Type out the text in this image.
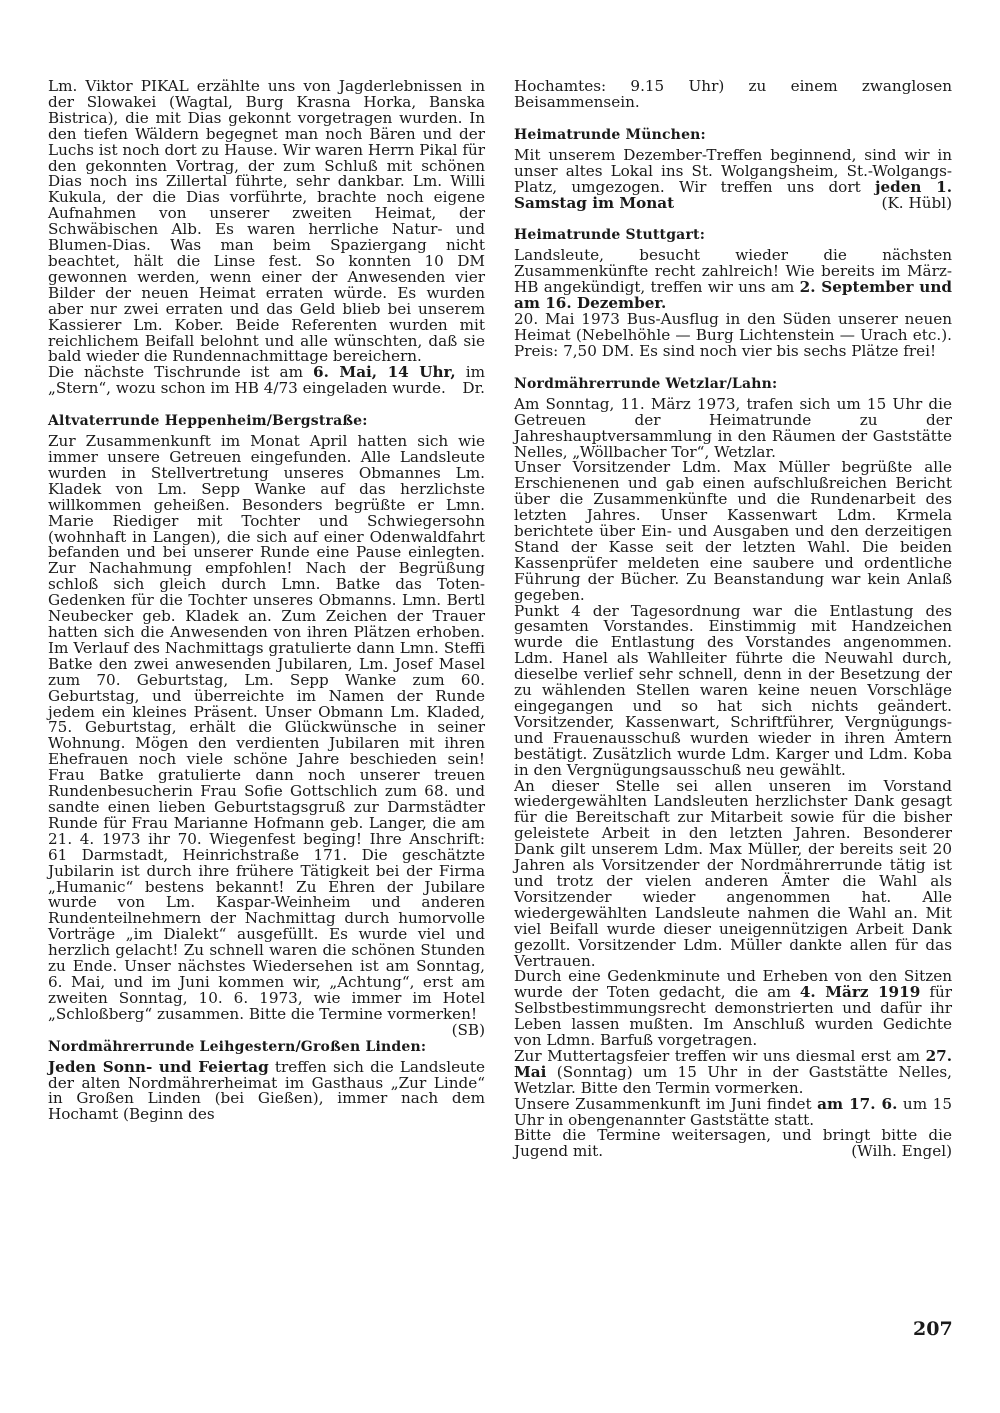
Lm. Viktor PIKAL erzählte uns von Jagderlebnissen in der Slowakei (Wagtal, Burg Krasna Horka, Banska Bistrica), die mit Dias gekonnt vorgetragen wurden. In den tiefen Wäldern begegnet man noch Bären und der Luchs ist noch dort zu Hause. Wir waren Herrn Pikal für den gekonnten Vortrag, der zum Schluß mit schönen Dias noch ins Zillertal führte, sehr dankbar. Lm. Willi Kukula, der die Dias vorführte, brachte noch eigene Aufnahmen von unserer zweiten Heimat, der Schwäbischen Alb. Es waren herrliche Natur- und Blumen-Dias. Was man beim Spaziergang nicht beachtet, hält die Linse fest. So konnten 10 DM gewonnen werden, wenn einer der Anwesenden vier Bilder der neuen Heimat erraten würde. Es wurden aber nur zwei erraten und das Geld blieb bei unserem Kassierer Lm. Kober. Beide Referenten wurden mit reichlichem Beifall belohnt und alle wünschten, daß sie bald wieder die Rundennachmittage bereichern.

Die nächste Tischrunde ist am 6. Mai, 14 Uhr, im „Stern“, wozu schon im HB 4/73 eingeladen wurde. Dr.

Altvaterrunde Heppenheim/Bergstraße:

Zur Zusammenkunft im Monat April hatten sich wie immer unsere Getreuen eingefunden. Alle Landsleute wurden in Stellvertretung unseres Obmannes Lm. Kladek von Lm. Sepp Wanke auf das herzlichste willkommen geheißen. Besonders begrüßte er Lmn. Marie Riediger mit Tochter und Schwiegersohn (wohnhaft in Langen), die sich auf einer Odenwaldfahrt befanden und bei unserer Runde eine Pause einlegten. Zur Nachahmung empfohlen! Nach der Begrüßung schloß sich gleich durch Lmn. Batke das Toten-Gedenken für die Tochter unseres Obmanns. Lmn. Bertl Neubecker geb. Kladek an. Zum Zeichen der Trauer hatten sich die Anwesenden von ihren Plätzen erhoben. Im Verlauf des Nachmittags gratulierte dann Lmn. Steffi Batke den zwei anwesenden Jubilaren, Lm. Josef Masel zum 70. Geburtstag, Lm. Sepp Wanke zum 60. Geburtstag, und überreichte im Namen der Runde jedem ein kleines Präsent. Unser Obmann Lm. Kladed, 75. Geburtstag, erhält die Glückwünsche in seiner Wohnung. Mögen den verdienten Jubilaren mit ihren Ehefrauen noch viele schöne Jahre beschieden sein! Frau Batke gratulierte dann noch unserer treuen Rundenbesucherin Frau Sofie Gottschlich zum 68. und sandte einen lieben Geburtstagsgruß zur Darmstädter Runde für Frau Marianne Hofmann geb. Langer, die am 21. 4. 1973 ihr 70. Wiegenfest beging! Ihre Anschrift: 61 Darmstadt, Heinrichstraße 171. Die geschätzte Jubilarin ist durch ihre frühere Tätigkeit bei der Firma „Humanic“ bestens bekannt! Zu Ehren der Jubilare wurde von Lm. Kaspar-Weinheim und anderen Rundenteilnehmern der Nachmittag durch humorvolle Vorträge „im Dialekt“ ausgefüllt. Es wurde viel und herzlich gelacht! Zu schnell waren die schönen Stunden zu Ende. Unser nächstes Wiedersehen ist am Sonntag, 6. Mai, und im Juni kommen wir, „Achtung“, erst am zweiten Sonntag, 10. 6. 1973, wie immer im Hotel „Schloßberg“ zusammen. Bitte die Termine vormerken!
(SB)

Nordmährerrunde Leihgestern/Großen Linden:

Jeden Sonn- und Feiertag treffen sich die Landsleute der alten Nordmährerheimat im Gasthaus „Zur Linde“ in Großen Linden (bei Gießen), immer nach dem Hochamt (Beginn des

Hochamtes: 9.15 Uhr) zu einem zwanglosen Beisammensein.

Heimatrunde München:

Mit unserem Dezember-Treffen beginnend, sind wir in unser altes Lokal ins St. Wolgangsheim, St.-Wolgangs-Platz, umgezogen. Wir treffen uns dort jeden 1. Samstag im Monat	(K. Hübl)

Heimatrunde Stuttgart:

Landsleute, besucht wieder die nächsten Zusammenkünfte recht zahlreich! Wie bereits im März-HB angekündigt, treffen wir uns am 2. September und am 16. Dezember.

20. Mai 1973 Bus-Ausflug in den Süden unserer neuen Heimat (Nebelhöhle — Burg Lichtenstein — Urach etc.). Preis: 7,50 DM. Es sind noch vier bis sechs Plätze frei!

Nordmährerrunde Wetzlar/Lahn:

Am Sonntag, 11. März 1973, trafen sich um 15 Uhr die Getreuen der Heimatrunde zu der Jahreshauptversammlung in den Räumen der Gaststätte Nelles, „Wöllbacher Tor“, Wetzlar.

Unser Vorsitzender Ldm. Max Müller begrüßte alle Erschienenen und gab einen aufschlußreichen Bericht über die Zusammenkünfte und die Rundenarbeit des letzten Jahres. Unser Kassenwart Ldm. Krmela berichtete über Ein- und Ausgaben und den derzeitigen Stand der Kasse seit der letzten Wahl. Die beiden Kassenprüfer meldeten eine saubere und ordentliche Führung der Bücher. Zu Beanstandung war kein Anlaß gegeben.

Punkt 4 der Tagesordnung war die Entlastung des gesamten Vorstandes. Einstimmig mit Handzeichen wurde die Entlastung des Vorstandes angenommen. Ldm. Hanel als Wahlleiter führte die Neuwahl durch, dieselbe verlief sehr schnell, denn in der Besetzung der zu wählenden Stellen waren keine neuen Vorschläge eingegangen und so hat sich nichts geändert. Vorsitzender, Kassenwart, Schriftführer, Vergnügungs- und Frauenausschuß wurden wieder in ihren Ämtern bestätigt. Zusätzlich wurde Ldm. Karger und Ldm. Koba in den Vergnügungsausschuß neu gewählt.

An dieser Stelle sei allen unseren im Vorstand wiedergewählten Landsleuten herzlichster Dank gesagt für die Bereitschaft zur Mitarbeit sowie für die bisher geleistete Arbeit in den letzten Jahren. Besonderer Dank gilt unserem Ldm. Max Müller, der bereits seit 20 Jahren als Vorsitzender der Nordmährerrunde tätig ist und trotz der vielen anderen Ämter die Wahl als Vorsitzender wieder angenommen hat. Alle wiedergewählten Landsleute nahmen die Wahl an. Mit viel Beifall wurde dieser uneigennützigen Arbeit Dank gezollt. Vorsitzender Ldm. Müller dankte allen für das Vertrauen.

Durch eine Gedenkminute und Erheben von den Sitzen wurde der Toten gedacht, die am 4. März 1919 für Selbstbestimmungsrecht demonstrierten und dafür ihr Leben lassen mußten. Im Anschluß wurden Gedichte von Ldmn. Barfuß vorgetragen.

Zur Muttertagsfeier treffen wir uns diesmal erst am 27. Mai (Sonntag) um 15 Uhr in der Gaststätte Nelles, Wetzlar. Bitte den Termin vormerken.

Unsere Zusammenkunft im Juni findet am 17. 6. um 15 Uhr in obengenannter Gaststätte statt.

Bitte die Termine weitersagen, und bringt bitte die Jugend mit.	(Wilh. Engel)

207
